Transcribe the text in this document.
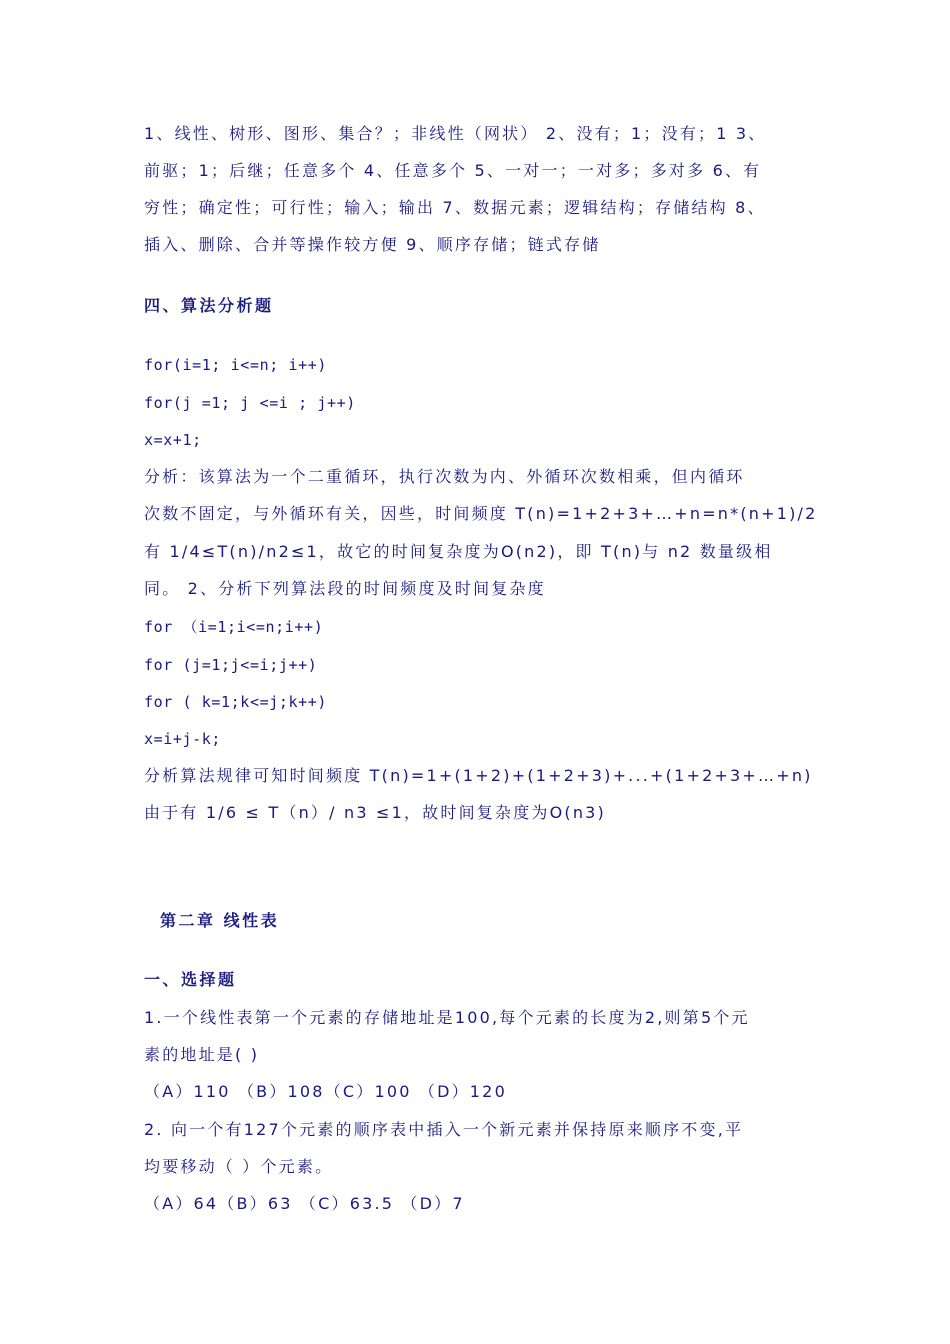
1、线性、树形、图形、集合？；非线性（网状） 2、没有；1；没有；1 3、
前驱；1；后继；任意多个 4、任意多个 5、一对一；一对多；多对多 6、有
穷性；确定性；可行性；输入；输出 7、数据元素；逻辑结构；存储结构 8、
插入、删除、合并等操作较方便 9、顺序存储；链式存储
四、算法分析题
for(i=1; i<=n; i++)
for(j =1; j <=i ; j++)
x=x+1;
分析：该算法为一个二重循环，执行次数为内、外循环次数相乘，但内循环
次数不固定，与外循环有关，因些，时间频度 T(n)=1+2+3+…+n=n*(n+1)/2
有 1/4≤T(n)/n2≤1，故它的时间复杂度为O(n2)，即 T(n)与 n2 数量级相
同。 2、分析下列算法段的时间频度及时间复杂度
for （i=1;i<=n;i++)
for (j=1;j<=i;j++)
for ( k=1;k<=j;k++)
x=i+j-k;
分析算法规律可知时间频度 T(n)=1+(1+2)+(1+2+3)+...+(1+2+3+…+n)
由于有 1/6 ≤ T（n）/ n3 ≤1，故时间复杂度为O(n3)
第二章 线性表
一、选择题
1.一个线性表第一个元素的存储地址是100,每个元素的长度为2,则第5个元
素的地址是( )
（A）110 （B）108（C）100 （D）120
2. 向一个有127个元素的顺序表中插入一个新元素并保持原来顺序不变,平
均要移动（ ）个元素。
（A）64（B）63 （C）63.5 （D）7
